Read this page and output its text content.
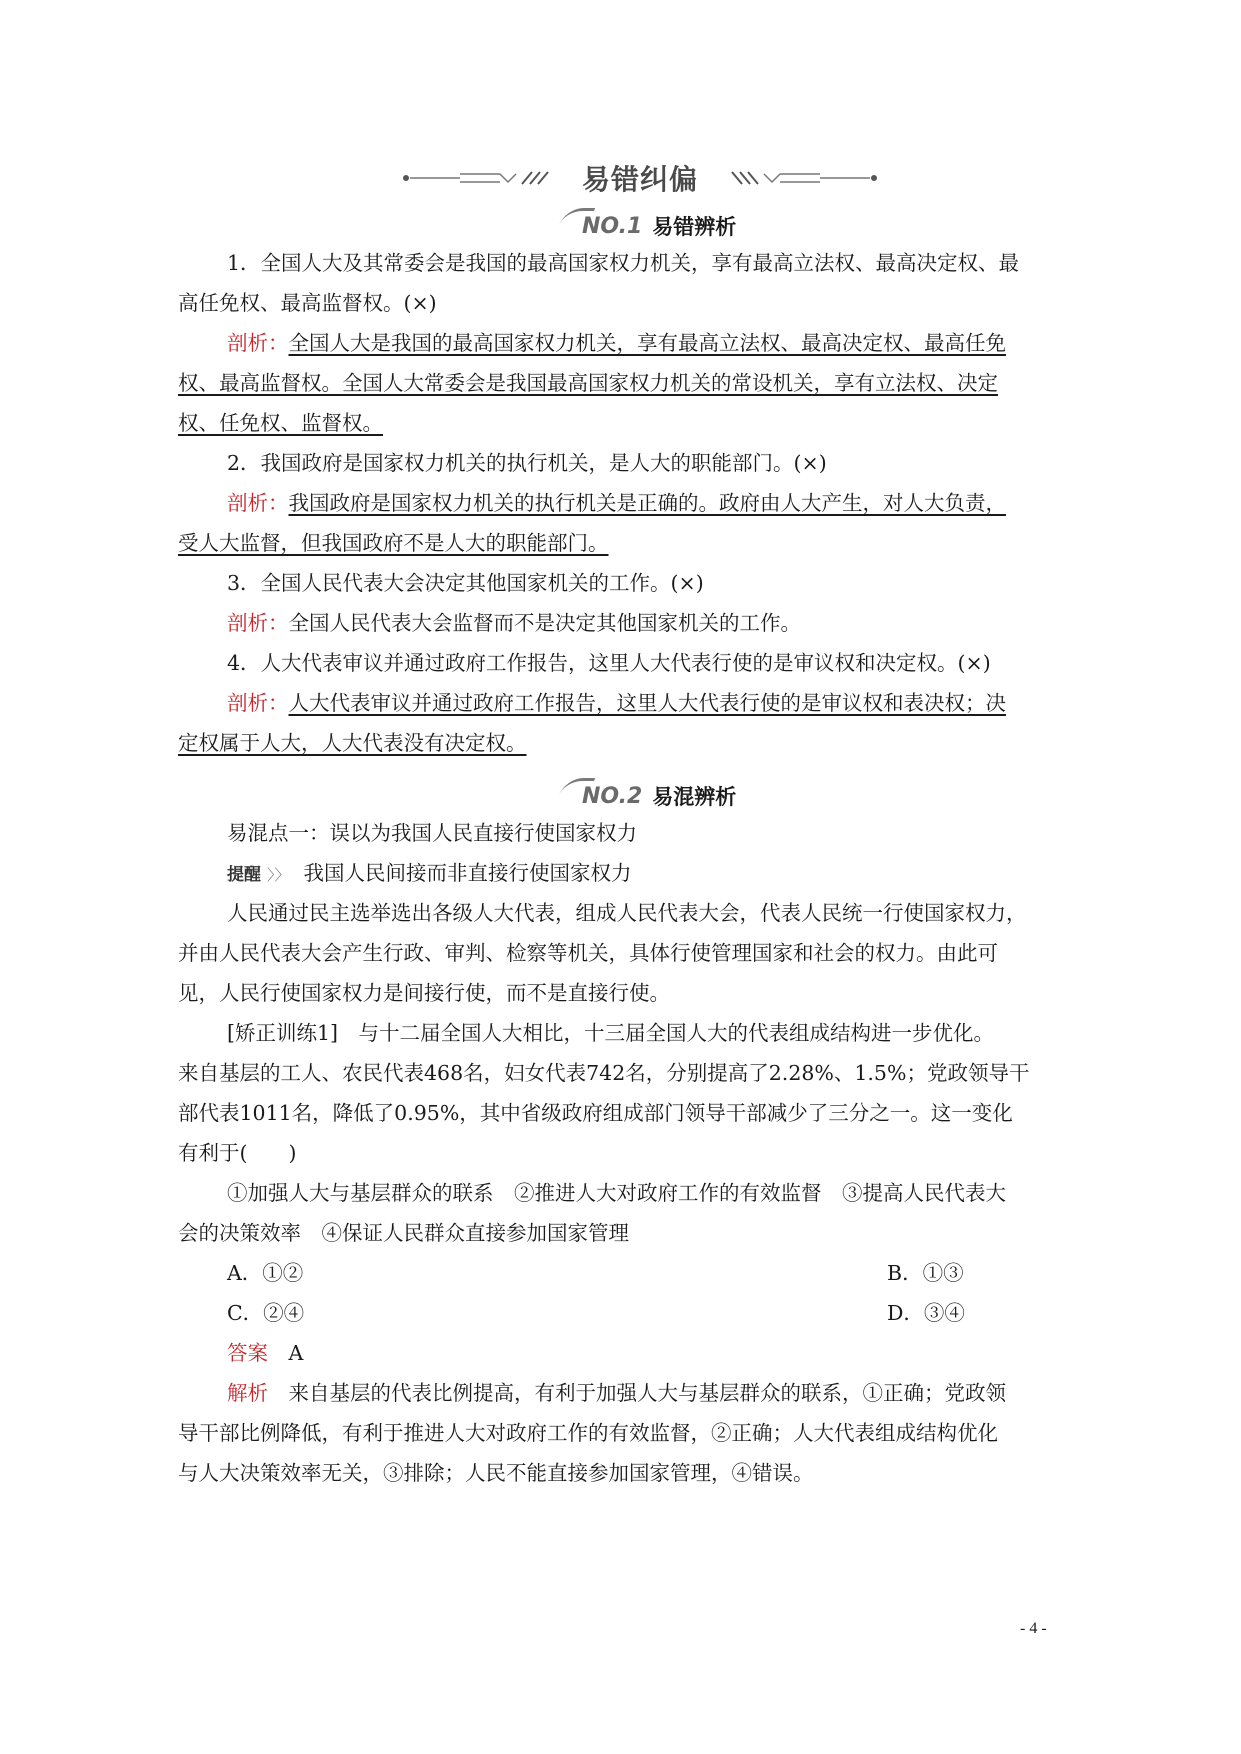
易错纠偏
NO.1 易错辨析
1．全国人大及其常委会是我国的最高国家权力机关，享有最高立法权、最高决定权、最
高任免权、最高监督权。(×)
剖析：全国人大是我国的最高国家权力机关，享有最高立法权、最高决定权、最高任免
权、最高监督权。全国人大常委会是我国最高国家权力机关的常设机关，享有立法权、决定
权、任免权、监督权。
2．我国政府是国家权力机关的执行机关，是人大的职能部门。(×)
剖析：我国政府是国家权力机关的执行机关是正确的。政府由人大产生，对人大负责，
受人大监督，但我国政府不是人大的职能部门。
3．全国人民代表大会决定其他国家机关的工作。(×)
剖析：全国人民代表大会监督而不是决定其他国家机关的工作。
4．人大代表审议并通过政府工作报告，这里人大代表行使的是审议权和决定权。(×)
剖析：人大代表审议并通过政府工作报告，这里人大代表行使的是审议权和表决权；决
定权属于人大，人大代表没有决定权。
NO.2 易混辨析
易混点一：误以为我国人民直接行使国家权力
提醒 〉〉 我国人民间接而非直接行使国家权力
人民通过民主选举选出各级人大代表，组成人民代表大会，代表人民统一行使国家权力，
并由人民代表大会产生行政、审判、检察等机关，具体行使管理国家和社会的权力。由此可
见，人民行使国家权力是间接行使，而不是直接行使。
[矫正训练1]　与十二届全国人大相比，十三届全国人大的代表组成结构进一步优化。
来自基层的工人、农民代表468名，妇女代表742名，分别提高了2.28%、1.5%；党政领导干
部代表1011名，降低了0.95%，其中省级政府组成部门领导干部减少了三分之一。这一变化
有利于(　　)
①加强人大与基层群众的联系　②推进人大对政府工作的有效监督　③提高人民代表大
会的决策效率　④保证人民群众直接参加国家管理
A．①②	B．①③
C．②④	D．③④
答案　 A
解析　 来自基层的代表比例提高，有利于加强人大与基层群众的联系，①正确；党政领
导干部比例降低，有利于推进人大对政府工作的有效监督，②正确；人大代表组成结构优化
与人大决策效率无关，③排除；人民不能直接参加国家管理，④错误。
- 4 -
